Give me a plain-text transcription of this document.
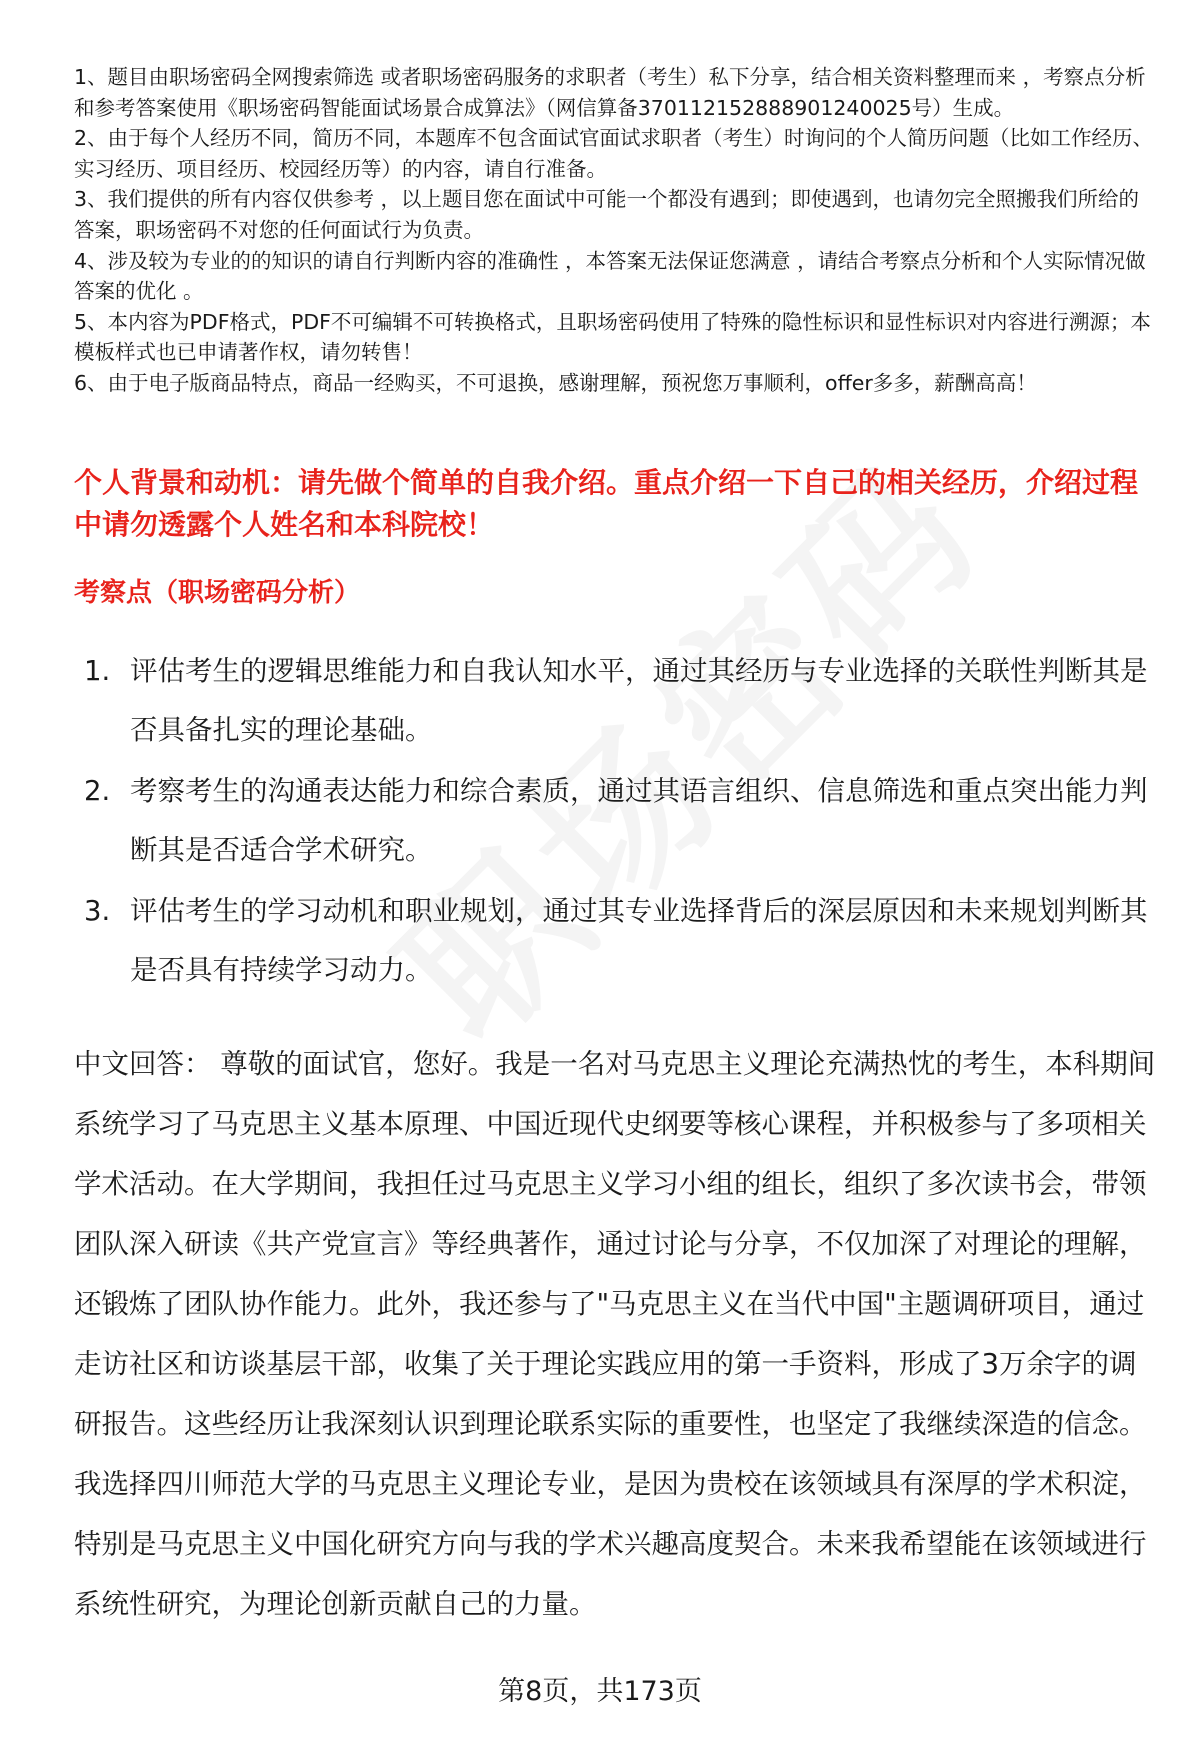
1、题目由职场密码全网搜索筛选 或者职场密码服务的求职者（考生）私下分享，结合相关资料整理而来 ，考察点分析和参考答案使用《职场密码智能面试场景合成算法》（网信算备370112152888901240025号）生成。

2、由于每个人经历不同，简历不同，本题库不包含面试官面试求职者（考生）时询问的个人简历问题（比如工作经历、实习经历、项目经历、校园经历等）的内容，请自行准备。

3、我们提供的所有内容仅供参考 ，以上题目您在面试中可能一个都没有遇到；即使遇到，也请勿完全照搬我们所给的答案，职场密码不对您的任何面试行为负责。

4、涉及较为专业的的知识的请自行判断内容的准确性 ，本答案无法保证您满意 ，请结合考察点分析和个人实际情况做答案的优化 。

5、本内容为PDF格式，PDF不可编辑不可转换格式，且职场密码使用了特殊的隐性标识和显性标识对内容进行溯源；本模板样式也已申请著作权，请勿转售！

6、由于电子版商品特点，商品一经购买，不可退换，感谢理解，预祝您万事顺利，offer多多，薪酬高高！

个人背景和动机：请先做个简单的自我介绍。重点介绍一下自己的相关经历，介绍过程中请勿透露个人姓名和本科院校！
考察点（职场密码分析）
1. 评估考生的逻辑思维能力和自我认知水平，通过其经历与专业选择的关联性判断其是否具备扎实的理论基础。
2. 考察考生的沟通表达能力和综合素质，通过其语言组织、信息筛选和重点突出能力判断其是否适合学术研究。
3. 评估考生的学习动机和职业规划，通过其专业选择背后的深层原因和未来规划判断其是否具有持续学习动力。
中文回答： 尊敬的面试官，您好。我是一名对马克思主义理论充满热忱的考生，本科期间系统学习了马克思主义基本原理、中国近现代史纲要等核心课程，并积极参与了多项相关学术活动。在大学期间，我担任过马克思主义学习小组的组长，组织了多次读书会，带领团队深入研读《共产党宣言》等经典著作，通过讨论与分享，不仅加深了对理论的理解，还锻炼了团队协作能力。此外，我还参与了"马克思主义在当代中国"主题调研项目，通过走访社区和访谈基层干部，收集了关于理论实践应用的第一手资料，形成了3万余字的调研报告。这些经历让我深刻认识到理论联系实际的重要性，也坚定了我继续深造的信念。我选择四川师范大学的马克思主义理论专业，是因为贵校在该领域具有深厚的学术积淀，特别是马克思主义中国化研究方向与我的学术兴趣高度契合。未来我希望能在该领域进行系统性研究，为理论创新贡献自己的力量。
第8页，共173页
